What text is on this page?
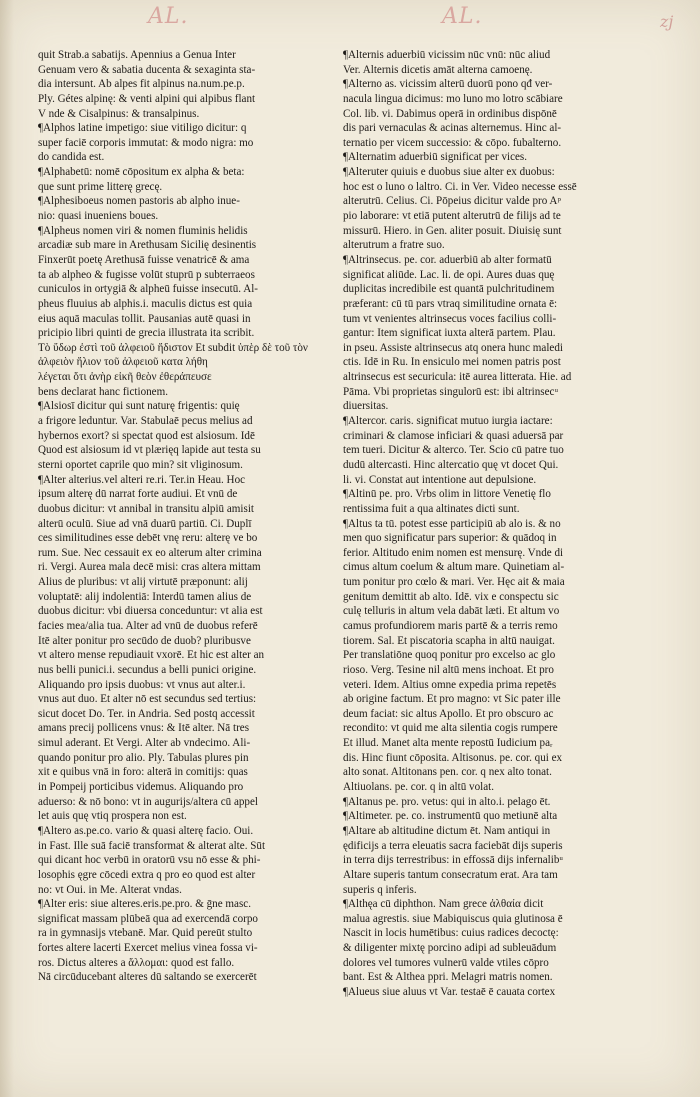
AL.	AL.	zj
quit Strab.a sabatijs. Apennius a Genua Inter
Genuam vero & sabatia ducenta & sexaginta sta-
dia intersunt. Ab alpes fit alpinus na.num.pe.p.
Ply. Gétes alpinę: & venti alpini qui alpibus flant
V nde & Cisalpinus: & transalpinus.
¶Alphos latine impetigo: siue vitiligo dicitur: q
super faciē corporis immutat: & modo nigra: mo
do candida est.
¶Alphabetū: nomē cōpositum ex alpha & beta:
que sunt prime litterę grecę.
¶Alphesiboeus nomen pastoris ab alpho inue-
nio: quasi inueniens boues.
¶Alpheus nomen viri & nomen fluminis helidis
arcadiæ sub mare in Arethusam Sicilię desinentis
Finxerūt poetę Arethusā fuisse venatricē & ama
ta ab alpheo & fugisse volūt stuprū p subterraeos
cuniculos in ortygiā & alpheū fuisse insecutū. Al-
pheus fluuius ab alphis.i. maculis dictus est quia
eius aquā maculas tollit. Pausanias autē quasi in
pricipio libri quinti de grecia illustrata ita scribit.
Τὸ ὕδωρ ἐστὶ τοῦ ἀλφειοῦ ἥδιστον Et subdit ὑπὲρ δὲ τοῦ τὸν
ἀλφειὸν ἥλιον τοῦ ἀλφειοῦ κατα λήθη
λέγεται ὅτι ἀνὴρ εἰκῆ θεὸν ἐθεράπευσε
bens declarat hanc fictionem.
¶Alsiosī dicitur qui sunt naturę frigentis: quię
a frigore leduntur. Var. Stabulaē pecus melius ad
hybernos exort? si spectat quod est alsiosum. Idē
Quod est alsiosum id vt plærięq lapide aut testa su
sterni oportet caprile quo min? sit vliginosum.
¶Alter alterius.vel alteri re.ri. Ter.in Heau. Hoc
ipsum alterę dū narrat forte audiui. Et vnū de
duobus dicitur: vt annibal in transitu alpiū amisit
alterū oculū. Siue ad vnā duarū partiū. Ci. Duplī
ces similitudines esse debēt vnę reru: alterę ve bo
rum. Sue. Nec cessauit ex eo alterum alter crimina
ri. Vergi. Aurea mala decē misi: cras altera mittam
Alius de pluribus: vt alij virtutē præponunt: alij
voluptatē: alij indolentiā: Interdū tamen alius de
duobus dicitur: vbi diuersa conceduntur: vt alia est
facies mea/alia tua. Alter ad vnū de duobus referē
Itē alter ponitur pro secūdo de duob? pluribusve
vt altero mense repudiauit vxorē. Et hic est alter an
nus belli punici.i. secundus a belli punici origine.
Aliquando pro ipsis duobus: vt vnus aut alter.i.
vnus aut duo. Et alter nō est secundus sed tertius:
sicut docet Do. Ter. in Andria. Sed postq accessit
amans precij pollicens vnus: & Itē alter. Nā tres
simul aderant. Et Vergi. Alter ab vndecimo. Ali-
quando ponitur pro alio. Ply. Tabulas plures pin
xit e quibus vnā in foro: alterā in comitijs: quas
in Pompeij porticibus videmus. Aliquando pro
aduerso: & nō bono: vt in augurijs/altera cū appel
let auis quę vtiq prospera non est.
¶Altero as.pe.co. vario & quasi alterę facio. Oui.
in Fast. Ille suā faciē transformat & alterat alte. Sūt
qui dicant hoc verbū in oratorū vsu nō esse & phi-
losophis ęgre cōcedi extra q pro eo quod est alter
no: vt Oui. in Me. Alterat vndas.
¶Alter eris: siue alteres.eris.pe.pro. & ḡne masc.
significat massam plūbeā qua ad exercendā corpo
ra in gymnasijs vtebanē. Mar. Quid pereūt stulto
fortes altere lacerti Exercet melius vinea fossa vi-
ros. Dictus alteres a ἄλλομαι: quod est fallo.
Nā circūducebant alteres dū saltando se exercerēt
¶Alternis aduerbiū vicissim nūc vnū: nūc aliud
Ver. Alternis dicetis amāt alterna camoenę.
¶Alterno as. vicissim alterū duorū pono qđ ver-
nacula lingua dicimus: mo luno mo lotro scābiare
Col. lib. vi. Dabimus operā in ordinibus dispōnē
dis pari vernaculas & acinas alternemus. Hinc al-
ternatio per vicem successio: & cōpo. fubalterno.
¶Alternatim aduerbiū significat per vices.
¶Alteruter quiuis e duobus siue alter ex duobus:
hoc est o luno o laltro. Ci. in Ver. Video necesse essē
alterutrū. Celius. Ci. Pōpeius dicitur valde pro Aᵖ
pio laborare: vt etiā putent alterutrū de filijs ad te
missurū. Hiero. in Gen. aliter posuit. Diuisię sunt
alterutrum a fratre suo.
¶Altrinsecus. pe. cor. aduerbiū ab alter formatū
significat aliūde. Lac. li. de opi. Aures duas quę
duplicitas incredibile est quantā pulchritudinem
præferant: cū tū pars vtraq similitudine ornata ē:
tum vt venientes altrinsecus voces facilius colli-
gantur: Item significat iuxta alterā partem. Plau.
in pseu. Assiste altrinsecus atq onera hunc maledi
ctis. Idē in Ru. In ensiculo mei nomen patris post
altrinsecus est securicula: itē aurea litterata. Hie. ad
Pāma. Vbi proprietas singulorū est: ibi altrinsecᵘ
diuersitas.
¶Altercor. caris. significat mutuo iurgia iactare:
criminari & clamose inficiari & quasi aduersā par
tem tueri. Dicitur & alterco. Ter. Scio cū patre tuo
dudū altercasti. Hinc altercatio quę vt docet Qui.
li. vi. Constat aut intentione aut depulsione.
¶Altinū pe. pro. Vrbs olim in littore Venetię flo
rentissima fuit a qua altinates dicti sunt.
¶Altus ta tū. potest esse participiū ab alo is. & no
men quo significatur pars superior: & quādoq in
ferior. Altitudo enim nomen est mensurę. Vnde di
cimus altum coelum & altum mare. Quinetiam al-
tum ponitur pro cœlo & mari. Ver. Hęc ait & maia
genitum demittit ab alto. Idē. vix e conspectu sic
culę telluris in altum vela dabāt læti. Et altum vo
camus profundiorem maris partē & a terris remo
tiorem. Sal. Et piscatoria scapha in altū nauigat.
Per translatiōne quoq ponitur pro excelso ac glo
rioso. Verg. Tesine nil altū mens inchoat. Et pro
veteri. Idem. Altius omne expedia prima repetēs
ab origine factum. Et pro magno: vt Sic pater ille
deum faciat: sic altus Apollo. Et pro obscuro ac
recondito: vt quid me alta silentia cogis rumpere
Et illud. Manet alta mente repostū Iudicium paᵣ
dis. Hinc fiunt cōposita. Altisonus. pe. cor. qui ex
alto sonat. Altitonans pen. cor. q nex alto tonat.
Altiuolans. pe. cor. q in altū volat.
¶Altanus pe. pro. vetus: qui in alto.i. pelago ēt.
¶Altimeter. pe. co. instrumentū quo metiunē alta
¶Altare ab altitudine dictum ēt. Nam antiqui in
ędificijs a terra eleuatis sacra faciebāt dijs superis
in terra dijs terrestribus: in effossā dijs infernalibᵘ
Altare superis tantum consecratum erat. Ara tam
superis q inferis.
¶Althęa cū diphthon. Nam grece ἀλθαία dicit
malua agrestis. siue Mabiquiscus quia glutinosa ē
Nascit in locis humētibus: cuius radices decoctę:
& diligenter mixtę porcino adipi ad subleuādum
dolores vel tumores vulnerū valde vtiles cōpro
bant. Est & Althea ppri. Melagri matris nomen.
¶Alueus siue aluus vt Var. testaē ē cauata cortex
